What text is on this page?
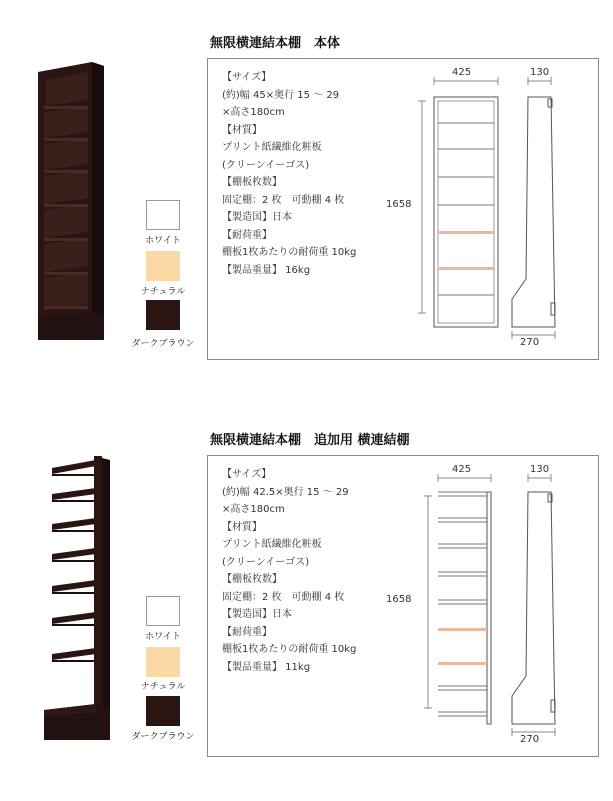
無限横連結本棚　本体
ホワイト
ナチュラル
ダークブラウン
【サイズ】
(約)幅 45×奥行 15 ～ 29
×高さ180cm
【材質】
プリント紙繊維化粧板
(クリーンイーゴス)
【棚板枚数】
固定棚：2 枚　可動棚 4 枚
【製造国】日本
【耐荷重】
棚板1枚あたりの耐荷重 10kg
【製品重量】 16kg
425	130
1658
270
無限横連結本棚　追加用 横連結棚
ホワイト
ナチュラル
ダークブラウン
【サイズ】
(約)幅 42.5×奥行 15 ～ 29
×高さ180cm
【材質】
プリント紙繊維化粧板
(クリーンイーゴス)
【棚板枚数】
固定棚：2 枚　可動棚 4 枚
【製造国】日本
【耐荷重】
棚板1枚あたりの耐荷重 10kg
【製品重量】 11kg
425	130
1658
270
